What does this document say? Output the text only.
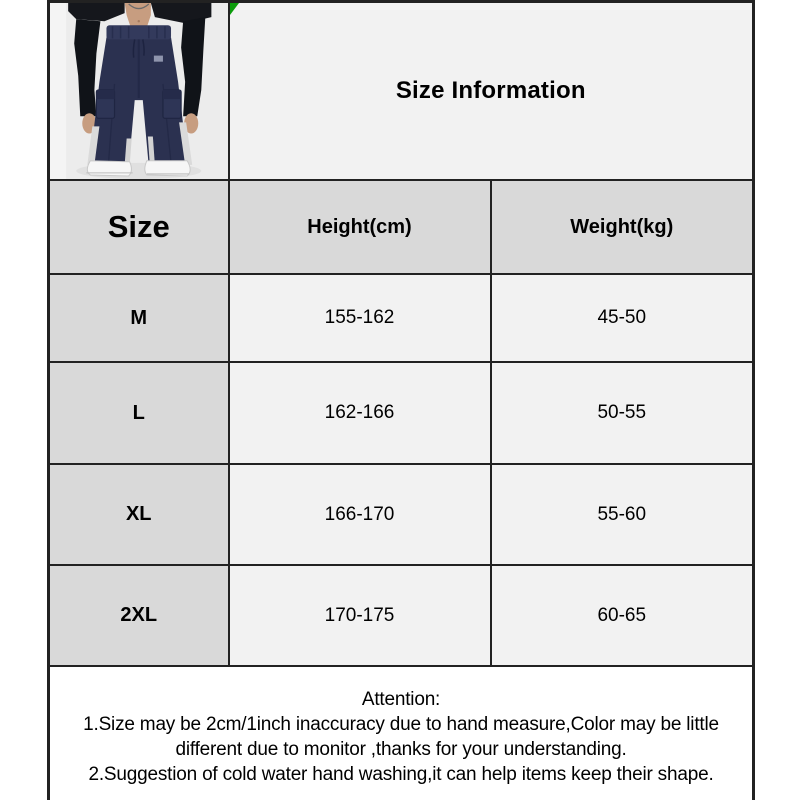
Size Information	
Size	Height(cm)	Weight(kg)
M	155-162	45-50
L	162-166	50-55
XL	166-170	55-60
2XL	170-175	60-65

Attention:
1.Size may be 2cm/1inch inaccuracy due to hand measure,Color may be little different due to monitor ,thanks for your understanding.
2.Suggestion of cold water hand washing,it can help items keep their shape.		
